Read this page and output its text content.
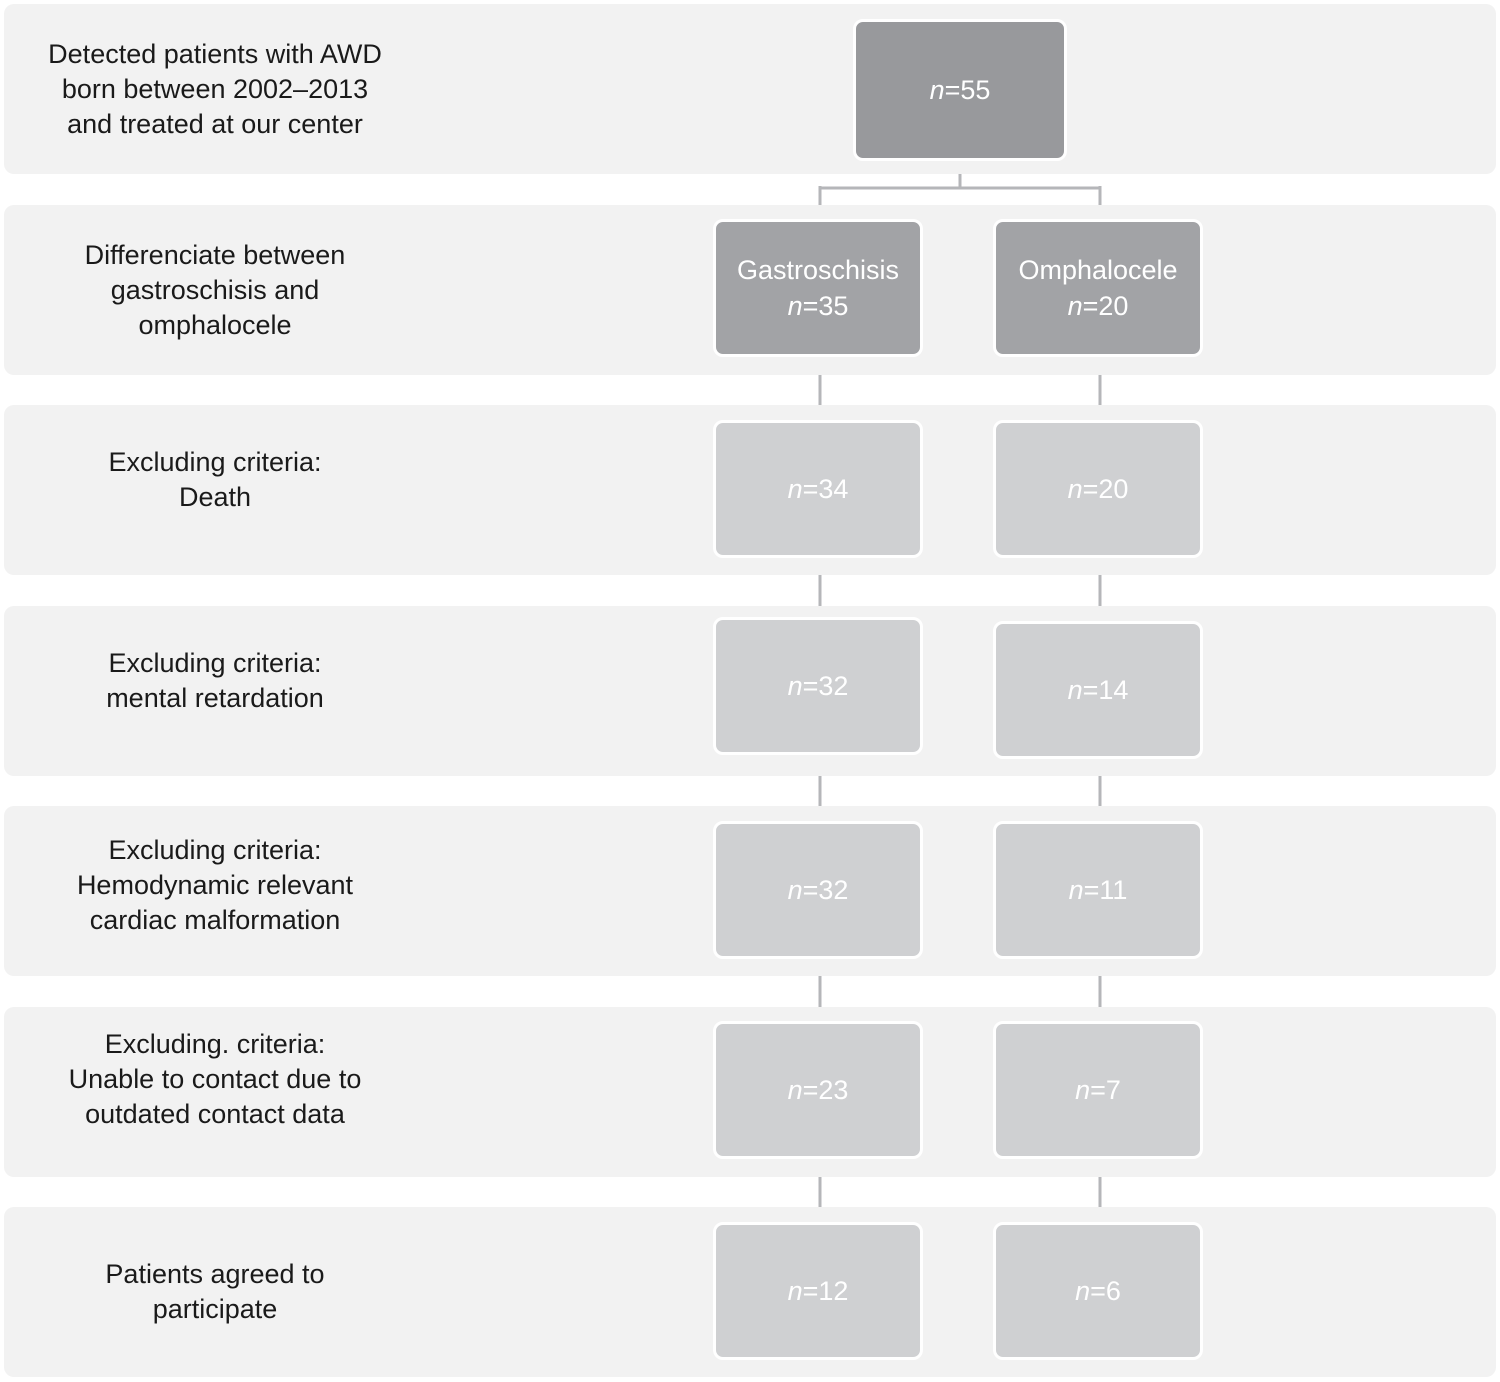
Detected patients with AWD
born between 2002–2013
and treated at our center
Differenciate between
gastroschisis and
omphalocele
Excluding criteria:
Death
Excluding criteria:
mental retardation
Excluding criteria:
Hemodynamic relevant
cardiac malformation
Excluding. criteria:
Unable to contact due to
outdated contact data
Patients agreed to
participate
n=55
Gastroschisis
n=35
n=34
n=32
n=32
n=23
n=12
Omphalocele
n=20
n=20
n=14
n=11
n=7
n=6
